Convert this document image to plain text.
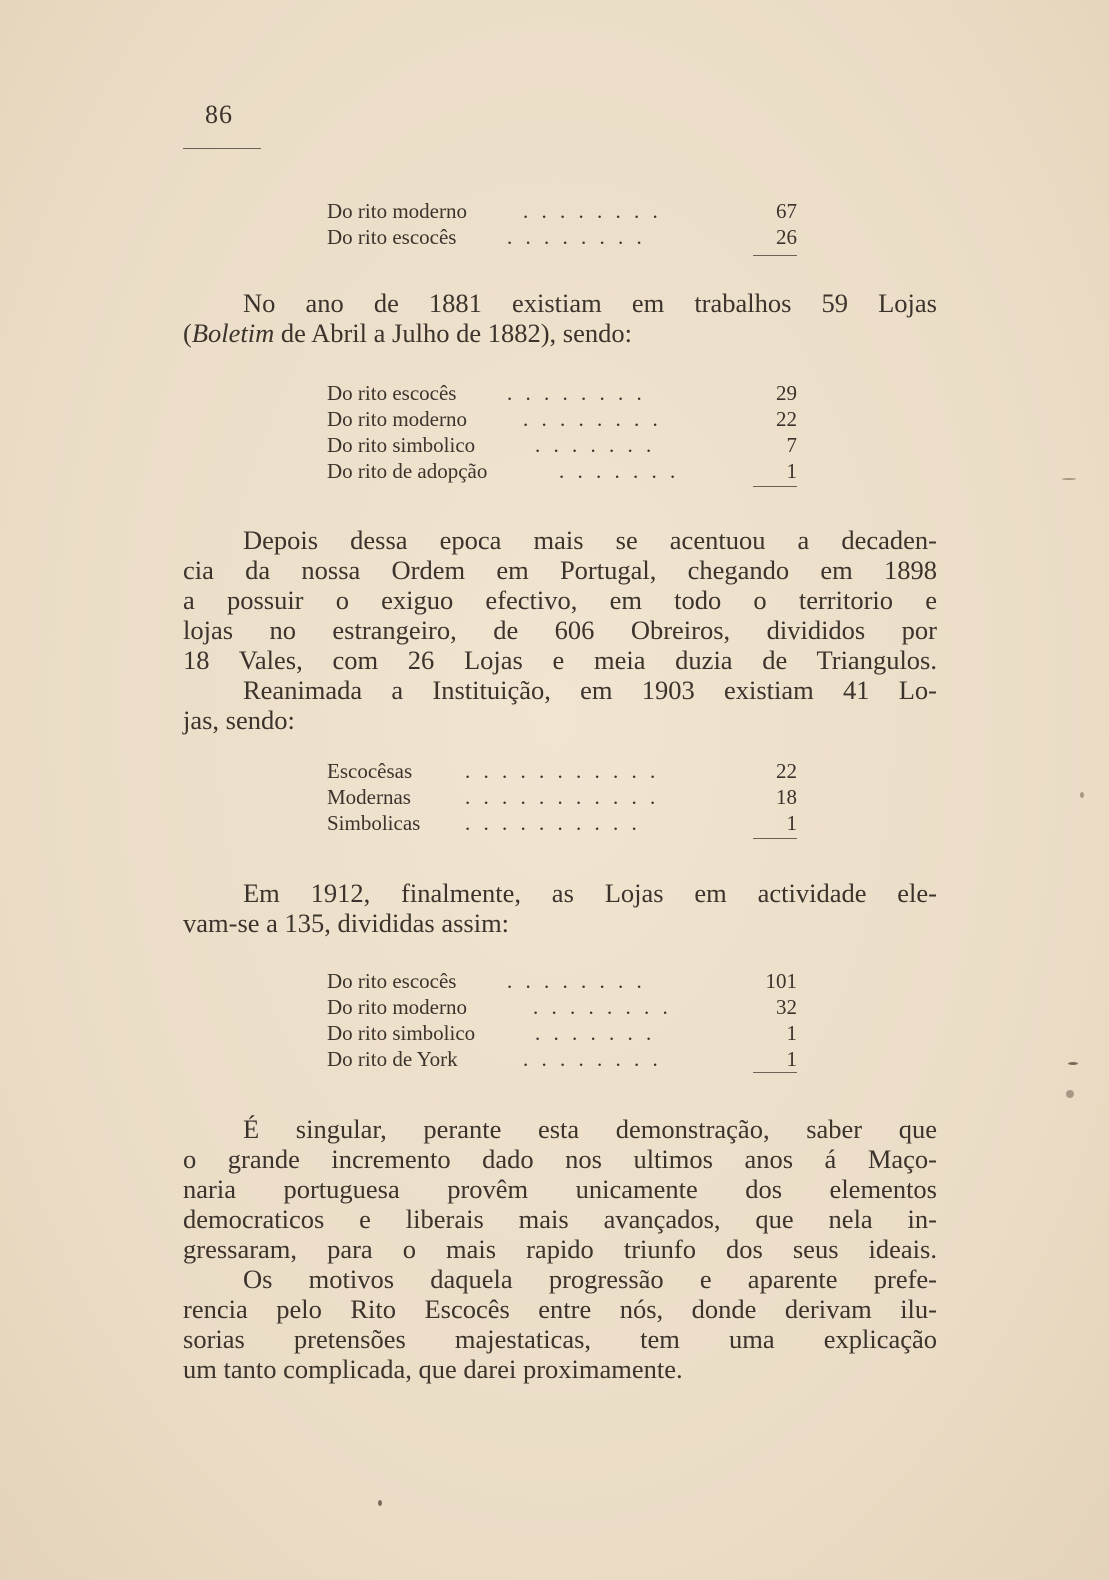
86
Do rito moderno	. . . . . . . .	67
Do rito escocês . . . . . . . .	26
No ano de 1881 existiam em trabalhos 59 Lojas
(Boletim de Abril a Julho de 1882), sendo:
Do rito escocês . . . . . . . .	29
Do rito moderno	. . . . . . . .	22
Do rito simbolico	. . . . . . .	7
Do rito de adopção	. . . . . . .	1
Depois dessa epoca mais se acentuou a decaden-
cia da nossa Ordem em Portugal, chegando em 1898
a possuir o exiguo efectivo, em todo o territorio e
lojas no estrangeiro, de 606 Obreiros, divididos por
18 Vales, com 26 Lojas e meia duzia de Triangulos.
Reanimada a Instituição, em 1903 existiam 41 Lo-
jas, sendo:
Escocêsas	. . . . . . . . . . .	22
Modernas	. . . . . . . . . . .	18
Simbolicas . . . . . . . . . .	1
Em 1912, finalmente, as Lojas em actividade ele-
vam-se a 135, divididas assim:
Do rito escocês . . . . . . . .	101
Do rito moderno	. . . . . . . .	32
Do rito simbolico	. . . . . . .	1
Do rito de York	. . . . . . . .	1
É singular, perante esta demonstração, saber que
o grande incremento dado nos ultimos anos á Maço-
naria portuguesa provêm unicamente dos elementos
democraticos e liberais mais avançados, que nela in-
gressaram, para o mais rapido triunfo dos seus ideais.
Os motivos daquela progressão e aparente prefe-
rencia pelo Rito Escocês entre nós, donde derivam ilu-
sorias pretensões majestaticas, tem uma explicação
um tanto complicada, que darei proximamente.
